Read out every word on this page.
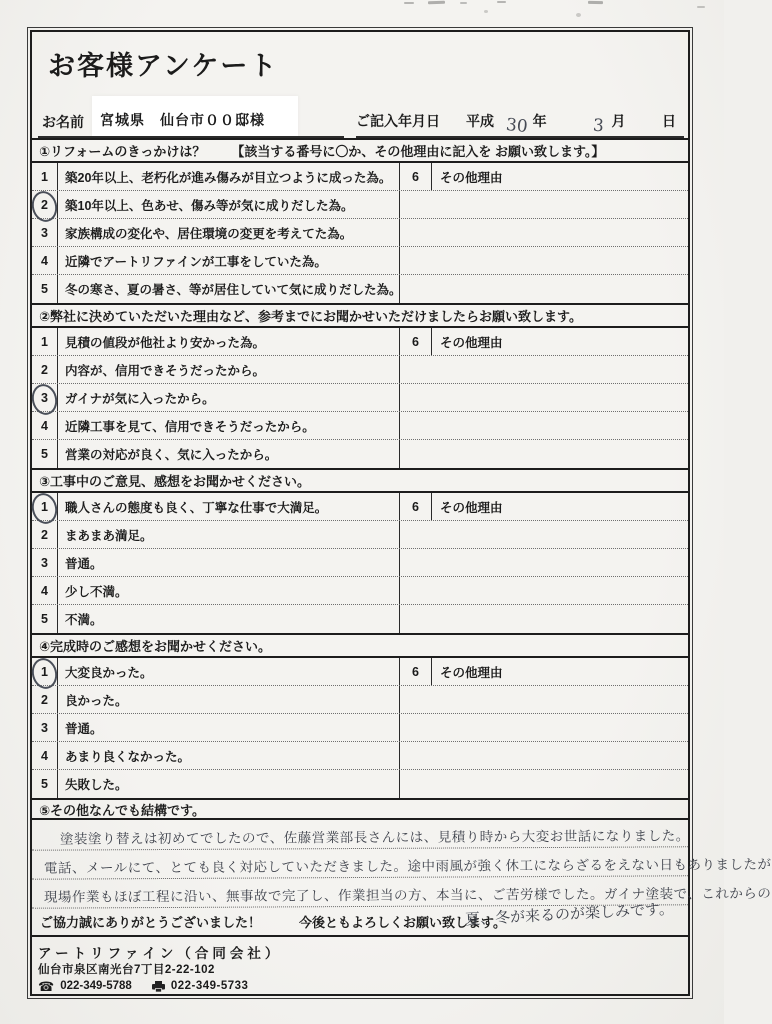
お客様アンケート
お名前	宮城県　仙台市００邸様	ご記入年月日 平成 30 年	3 月	日
①リフォームのきっかけは？ 【該当する番号に〇か、その他理由に記入を お願い致します。】
1	築20年以上、老朽化が進み傷みが目立つように成った為。	6	その他理由
2	築10年以上、色あせ、傷み等が気に成りだした為。
3	家族構成の変化や、居住環境の変更を考えてた為。
4	近隣でアートリファインが工事をしていた為。
5	冬の寒さ、夏の暑さ、等が居住していて気に成りだした為。
②弊社に決めていただいた理由など、参考までにお聞かせいただけましたらお願い致します。
1	見積の値段が他社より安かった為。	6	その他理由
2	内容が、信用できそうだったから。
3	ガイナが気に入ったから。
4	近隣工事を見て、信用できそうだったから。
5	営業の対応が良く、気に入ったから。
③工事中のご意見、感想をお聞かせください。
1	職人さんの態度も良く、丁寧な仕事で大満足。	6	その他理由
2	まあまあ満足。
3	普通。
4	少し不満。
5	不満。
④完成時のご感想をお聞かせください。
1	大変良かった。	6	その他理由
2	良かった。
3	普通。
4	あまり良くなかった。
5	失敗した。
⑤その他なんでも結構です。
塗装塗り替えは初めてでしたので、佐藤営業部長さんには、見積り時から大変お世話になりました。
電話、メールにて、とても良く対応していただきました。途中雨風が強く休工にならざるをえない日もありましたが
現場作業もほぼ工程に沿い、無事故で完了し、作業担当の方、本当に、ご苦労様でした。ガイナ塗装で、これからの
ご協力誠にありがとうございました！	今後ともよろしくお願い致します。
夏、冬が来るのが楽しみです。
アートリファイン（合同会社）
仙台市泉区南光台7丁目2-22-102
☎ 022-349-5788	022-349-5733
